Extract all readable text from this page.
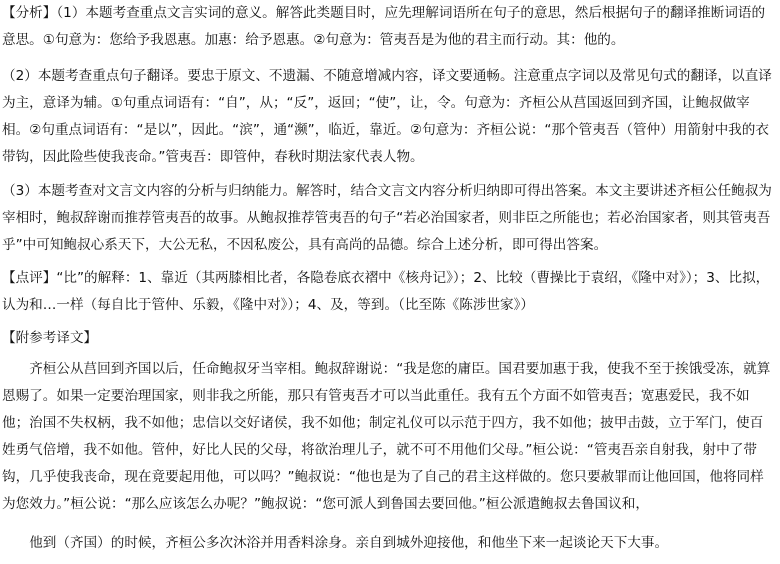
【分析】（1）本题考查重点文言实词的意义。解答此类题目时，应先理解词语所在句子的意思，然后根据句子的翻译推断词语的意思。①句意为：您给予我恩惠。加惠：给予恩惠。②句意为：管夷吾是为他的君主而行动。其：他的。

（2）本题考查重点句子翻译。要忠于原文、不遗漏、不随意增减内容，译文要通畅。注意重点字词以及常见句式的翻译，以直译为主，意译为辅。①句重点词语有：“自”，从；“反”，返回；“使”，让，令。句意为：齐桓公从莒国返回到齐国，让鲍叔做宰相。②句重点词语有：“是以”，因此。“滨”，通“濒”，临近，靠近。②句意为：齐桓公说：“那个管夷吾（管仲）用箭射中我的衣带钩，因此险些使我丧命。”管夷吾：即管仲，春秋时期法家代表人物。

（3）本题考查对文言文内容的分析与归纳能力。解答时，结合文言文内容分析归纳即可得出答案。本文主要讲述齐桓公任鲍叔为宰相时，鲍叔辞谢而推荐管夷吾的故事。从鲍叔推荐管夷吾的句子“若必治国家者，则非臣之所能也；若必治国家者，则其管夷吾乎”中可知鲍叔心系天下，大公无私，不因私废公，具有高尚的品德。综合上述分析，即可得出答案。

【点评】“比”的解释：1、靠近（其两膝相比者，各隐卷底衣褶中《核舟记》）；2、比较（曹操比于袁绍，《隆中对》）；3、比拟，认为和…一样（每自比于管仲、乐毅，《隆中对》）；4、及，等到。（比至陈《陈涉世家》）

【附参考译文】

齐桓公从莒回到齐国以后，任命鲍叔牙当宰相。鲍叔辞谢说：“我是您的庸臣。国君要加惠于我，使我不至于挨饿受冻，就算恩赐了。如果一定要治理国家，则非我之所能，那只有管夷吾才可以当此重任。我有五个方面不如管夷吾；宽惠爱民，我不如他；治国不失权柄，我不如他；忠信以交好诸侯，我不如他；制定礼仪可以示范于四方，我不如他；披甲击鼓，立于军门，使百姓勇气倍增，我不如他。管仲，好比人民的父母，将欲治理儿子，就不可不用他们父母。”桓公说：“管夷吾亲自射我，射中了带钩，几乎使我丧命，现在竟要起用他，可以吗？”鲍叔说：“他也是为了自己的君主这样做的。您只要赦罪而让他回国，他将同样为您效力。”桓公说：“那么应该怎么办呢？”鲍叔说：“您可派人到鲁国去要回他。”桓公派遣鲍叔去鲁国议和，

他到（齐国）的时候，齐桓公多次沐浴并用香料涂身。亲自到城外迎接他，和他坐下来一起谈论天下大事。
